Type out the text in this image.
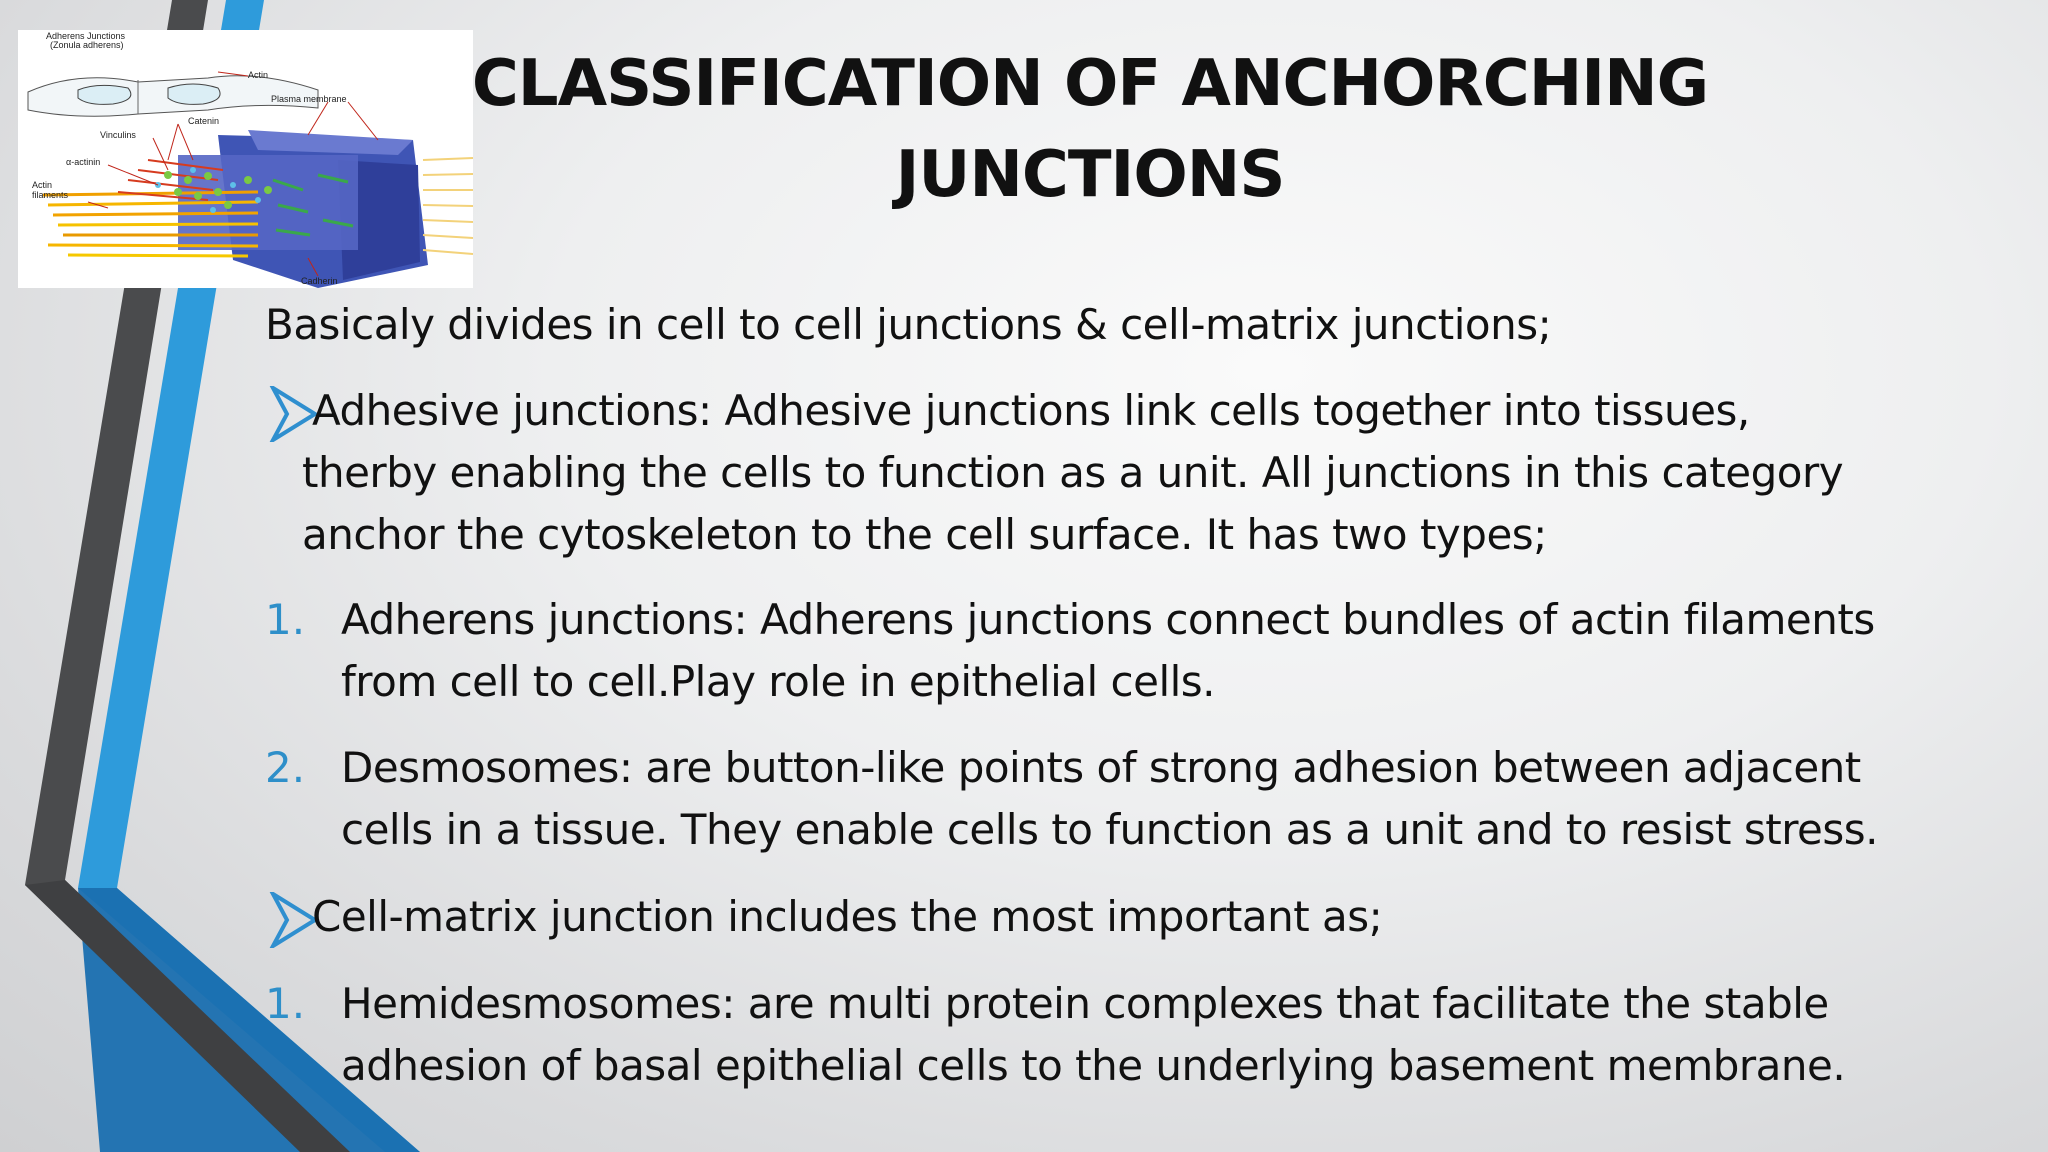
Adherens Junctions
(Zonula adherens)
Actin
Plasma membrane
Catenin
Vinculins
α-actinin
Actin
filaments
Cadherin
CLASSIFICATION OF ANCHORCHING
JUNCTIONS

Basicaly divides in cell to cell junctions & cell-matrix junctions;

Adhesive junctions: Adhesive junctions link cells together into tissues,
therby enabling the cells to function as a unit. All junctions in this category
anchor the cytoskeleton to the cell surface. It has two types;

1. Adherens junctions: Adherens junctions connect bundles of actin filaments
from cell to cell.Play role in epithelial cells.

2. Desmosomes: are button-like points of strong adhesion between adjacent
cells in a tissue. They enable cells to function as a unit and to resist stress.

Cell-matrix junction includes the most important as;

1. Hemidesmosomes: are multi protein complexes that facilitate the stable
adhesion of basal epithelial cells to the underlying basement membrane.
